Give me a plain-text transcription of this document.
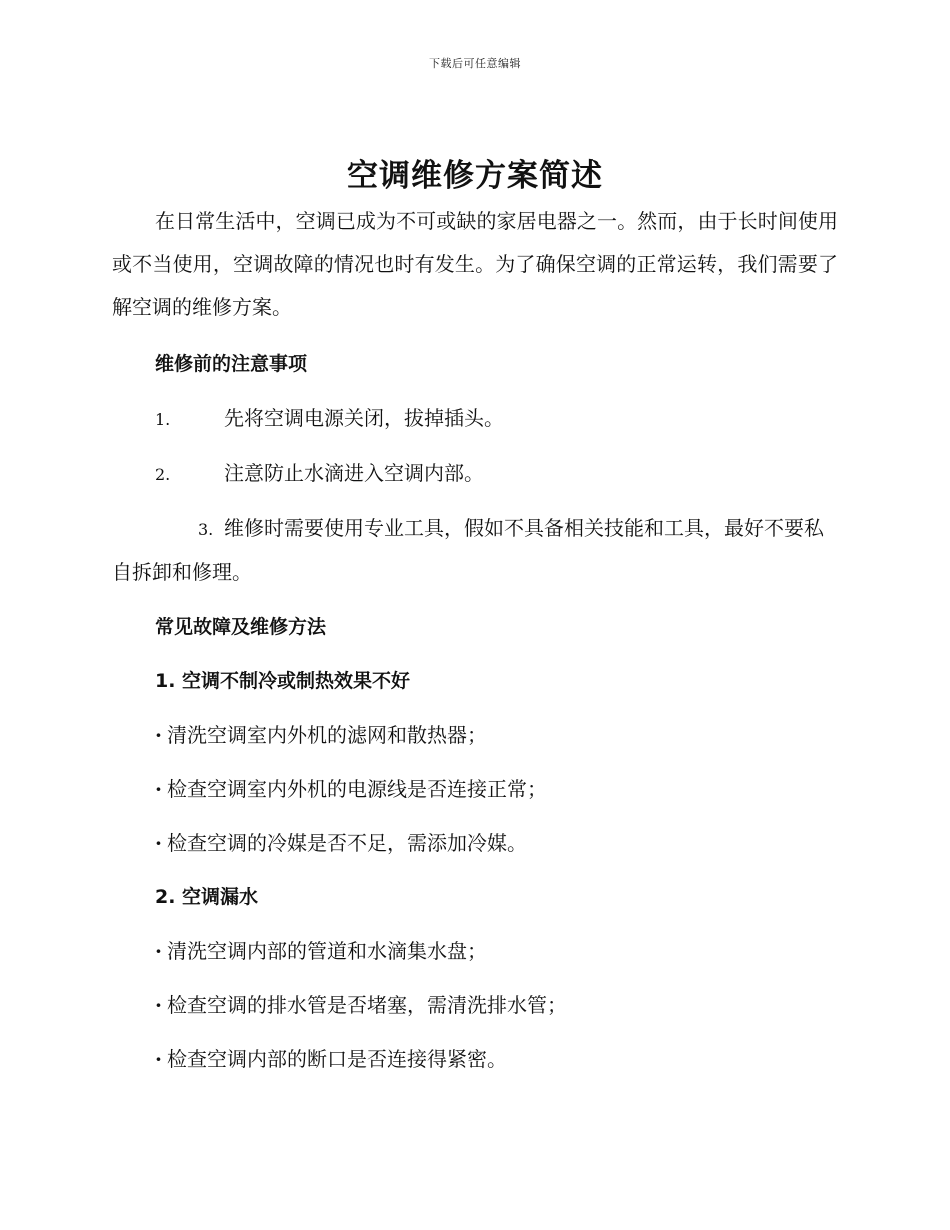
下载后可任意编辑
空调维修方案简述

在日常生活中，空调已成为不可或缺的家居电器之一。然而，由于长时间使用或不当使用，空调故障的情况也时有发生。为了确保空调的正常运转，我们需要了解空调的维修方案。

维修前的注意事项

1.	先将空调电源关闭，拔掉插头。

2.	注意防止水滴进入空调内部。

3. 维修时需要使用专业工具，假如不具备相关技能和工具，最好不要私自拆卸和修理。

常见故障及维修方法

1. 空调不制冷或制热效果不好

· 清洗空调室内外机的滤网和散热器；

· 检查空调室内外机的电源线是否连接正常；

· 检查空调的冷媒是否不足，需添加冷媒。

2. 空调漏水

· 清洗空调内部的管道和水滴集水盘；

· 检查空调的排水管是否堵塞，需清洗排水管；

· 检查空调内部的断口是否连接得紧密。
